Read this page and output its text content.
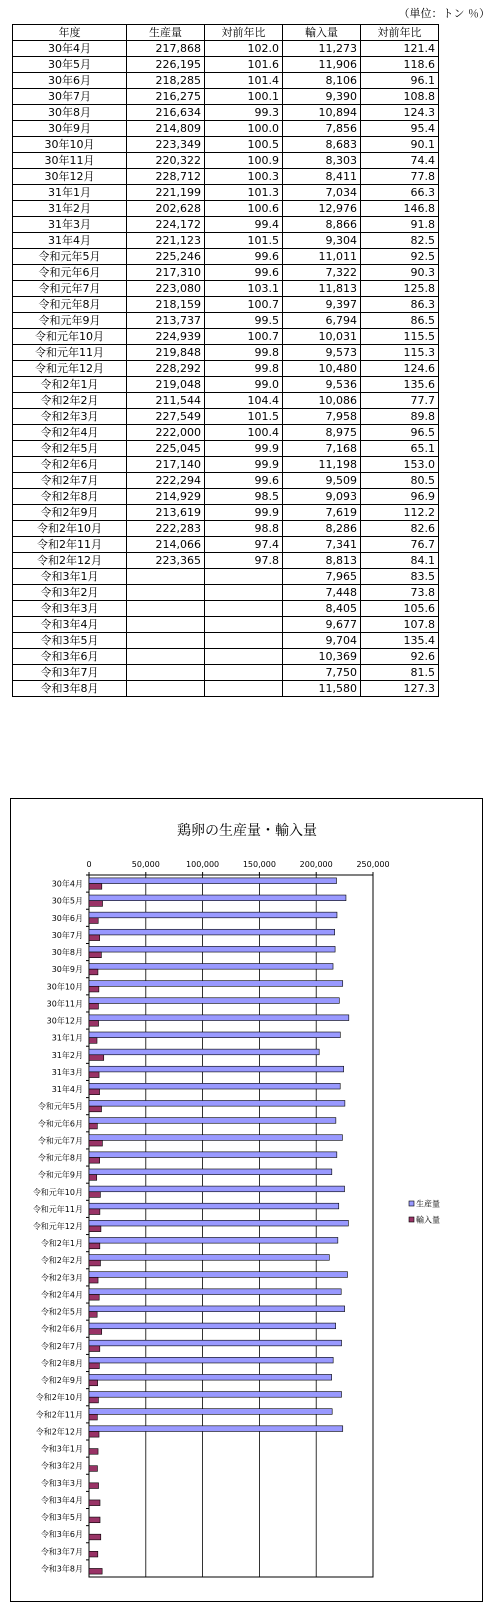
（単位：トン ％）
年度	生産量	対前年比	輸入量	対前年比
30年4月	217,868	102.0	11,273	121.4
30年5月	226,195	101.6	11,906	118.6
30年6月	218,285	101.4	8,106	96.1
30年7月	216,275	100.1	9,390	108.8
30年8月	216,634	99.3	10,894	124.3
30年9月	214,809	100.0	7,856	95.4
30年10月	223,349	100.5	8,683	90.1
30年11月	220,322	100.9	8,303	74.4
30年12月	228,712	100.3	8,411	77.8
31年1月	221,199	101.3	7,034	66.3
31年2月	202,628	100.6	12,976	146.8
31年3月	224,172	99.4	8,866	91.8
31年4月	221,123	101.5	9,304	82.5
令和元年5月	225,246	99.6	11,011	92.5
令和元年6月	217,310	99.6	7,322	90.3
令和元年7月	223,080	103.1	11,813	125.8
令和元年8月	218,159	100.7	9,397	86.3
令和元年9月	213,737	99.5	6,794	86.5
令和元年10月	224,939	100.7	10,031	115.5
令和元年11月	219,848	99.8	9,573	115.3
令和元年12月	228,292	99.8	10,480	124.6
令和2年1月	219,048	99.0	9,536	135.6
令和2年2月	211,544	104.4	10,086	77.7
令和2年3月	227,549	101.5	7,958	89.8
令和2年4月	222,000	100.4	8,975	96.5
令和2年5月	225,045	99.9	7,168	65.1
令和2年6月	217,140	99.9	11,198	153.0
令和2年7月	222,294	99.6	9,509	80.5
令和2年8月	214,929	98.5	9,093	96.9
令和2年9月	213,619	99.9	7,619	112.2
令和2年10月	222,283	98.8	8,286	82.6
令和2年11月	214,066	97.4	7,341	76.7
令和2年12月	223,365	97.8	8,813	84.1
令和3年1月			7,965	83.5
令和3年2月			7,448	73.8
令和3年3月			8,405	105.6
令和3年4月			9,677	107.8
令和3年5月			9,704	135.4
令和3年6月			10,369	92.6
令和3年7月			7,750	81.5
令和3年8月			11,580	127.3
鶏卵の生産量・輸入量
0	50,000	100,000	150,000	200,000	250,000
30年4月
30年5月
30年6月
30年7月
30年8月
30年9月
30年10月
30年11月
30年12月
31年1月
31年2月
31年3月
31年4月
令和元年5月
令和元年6月
令和元年7月
令和元年8月
令和元年9月
令和元年10月
令和元年11月
令和元年12月
令和2年1月
令和2年2月
令和2年3月
令和2年4月
令和2年5月
令和2年6月
令和2年7月
令和2年8月
令和2年9月
令和2年10月
令和2年11月
令和2年12月
令和3年1月
令和3年2月
令和3年3月
令和3年4月
令和3年5月
令和3年6月
令和3年7月
令和3年8月
生産量
輸入量
